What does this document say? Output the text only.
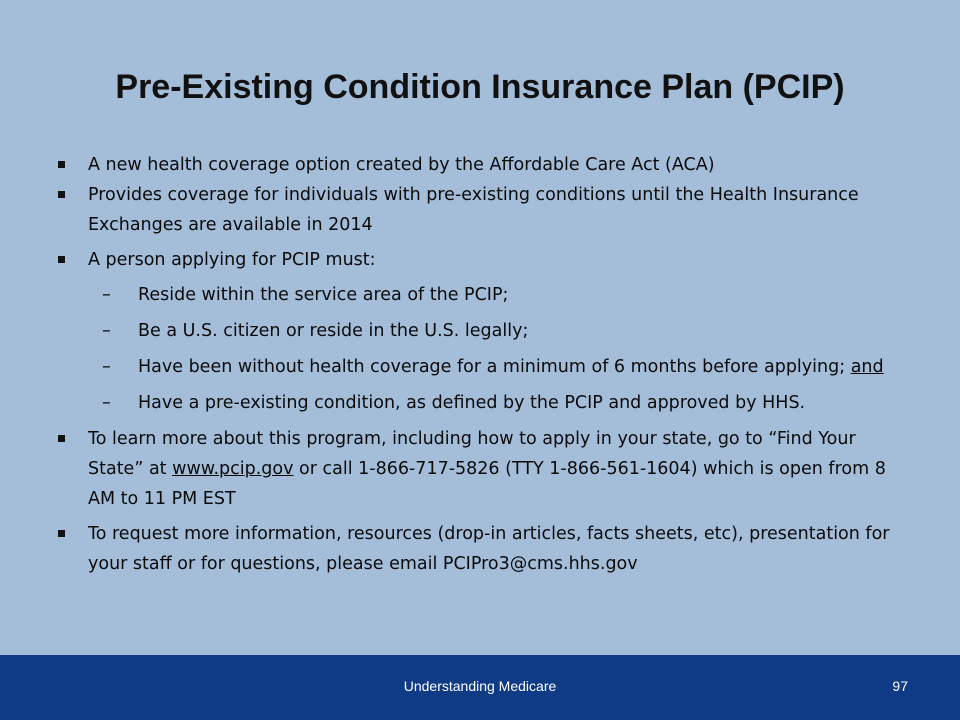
Pre-Existing Condition Insurance Plan (PCIP)
A new health coverage option created by the Affordable Care Act (ACA)
Provides coverage for individuals with pre-existing conditions until the Health Insurance Exchanges are available in 2014
A person applying for PCIP must:
– Reside within the service area of the PCIP;
– Be a U.S. citizen or reside in the U.S. legally;
– Have been without health coverage for a minimum of 6 months before applying; and
– Have a pre-existing condition, as defined by the PCIP and approved by HHS.
To learn more about this program, including how to apply in your state, go to “Find Your State” at www.pcip.gov or call 1-866-717-5826 (TTY 1-866-561-1604) which is open from 8 AM to 11 PM EST
To request more information, resources (drop-in articles, facts sheets, etc), presentation for your staff or for questions, please email PCIPro3@cms.hhs.gov
Understanding Medicare	97
